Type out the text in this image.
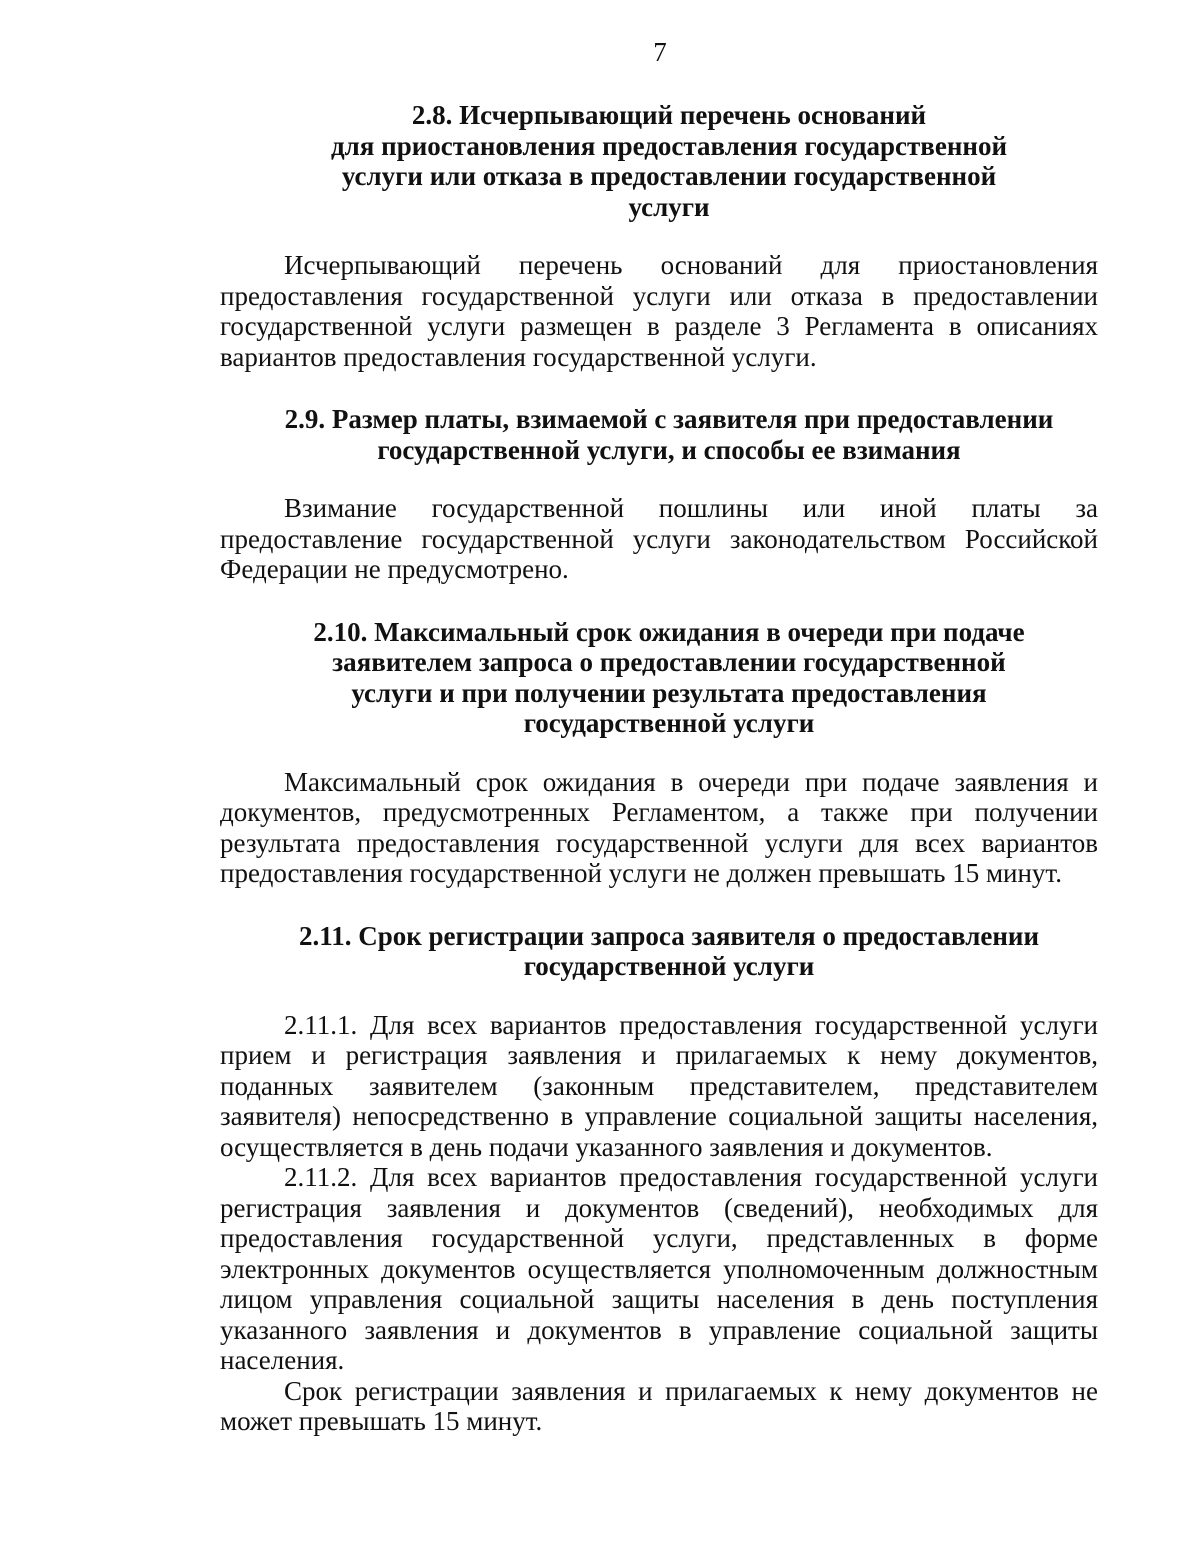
7
2.8. Исчерпывающий перечень оснований
для приостановления предоставления государственной
услуги или отказа в предоставлении государственной
услуги

Исчерпывающий перечень оснований для приостановления предоставления государственной услуги или отказа в предоставлении государственной услуги размещен в разделе 3 Регламента в описаниях вариантов предоставления государственной услуги.

2.9. Размер платы, взимаемой с заявителя при предоставлении
государственной услуги, и способы ее взимания

Взимание государственной пошлины или иной платы за предоставление государственной услуги законодательством Российской Федерации не предусмотрено.

2.10. Максимальный срок ожидания в очереди при подаче
заявителем запроса о предоставлении государственной
услуги и при получении результата предоставления
государственной услуги

Максимальный срок ожидания в очереди при подаче заявления и документов, предусмотренных Регламентом, а также при получении результата предоставления государственной услуги для всех вариантов предоставления государственной услуги не должен превышать 15 минут.

2.11. Срок регистрации запроса заявителя о предоставлении
государственной услуги

2.11.1. Для всех вариантов предоставления государственной услуги прием и регистрация заявления и прилагаемых к нему документов, поданных заявителем (законным представителем, представителем заявителя) непосредственно в управление социальной защиты населения, осуществляется в день подачи указанного заявления и документов.

2.11.2. Для всех вариантов предоставления государственной услуги регистрация заявления и документов (сведений), необходимых для предоставления государственной услуги, представленных в форме электронных документов осуществляется уполномоченным должностным лицом управления социальной защиты населения в день поступления указанного заявления и документов в управление социальной защиты населения.

Срок регистрации заявления и прилагаемых к нему документов не может превышать 15 минут.
